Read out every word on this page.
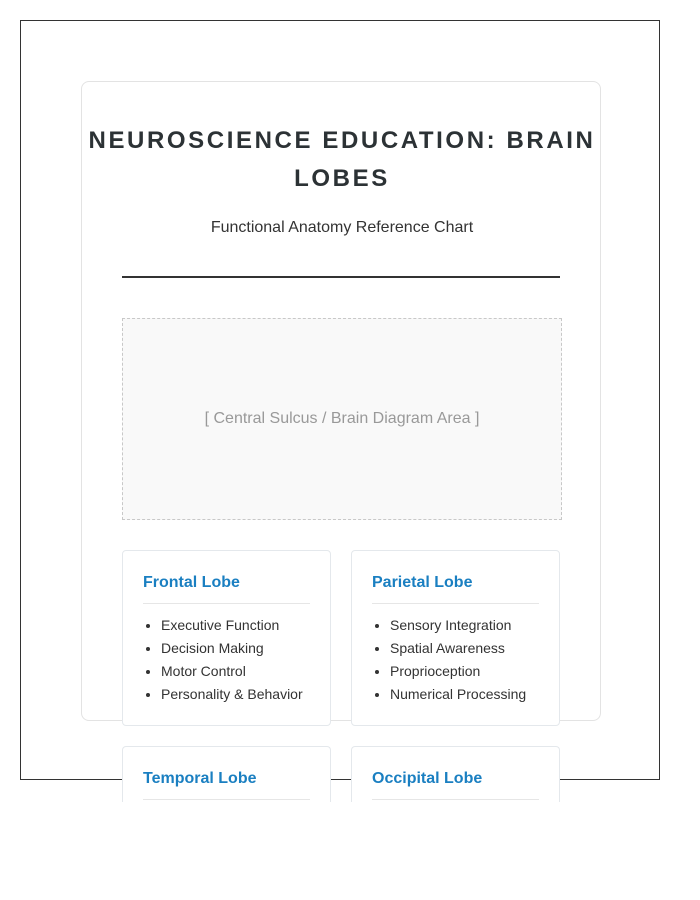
NEUROSCIENCE EDUCATION: BRAIN LOBES

Functional Anatomy Reference Chart

[ Central Sulcus / Brain Diagram Area ]
Frontal Lobe
• Executive Function
• Decision Making
• Motor Control
• Personality & Behavior
Parietal Lobe
• Sensory Integration
• Spatial Awareness
• Proprioception
• Numerical Processing
Temporal Lobe	Occipital Lobe
